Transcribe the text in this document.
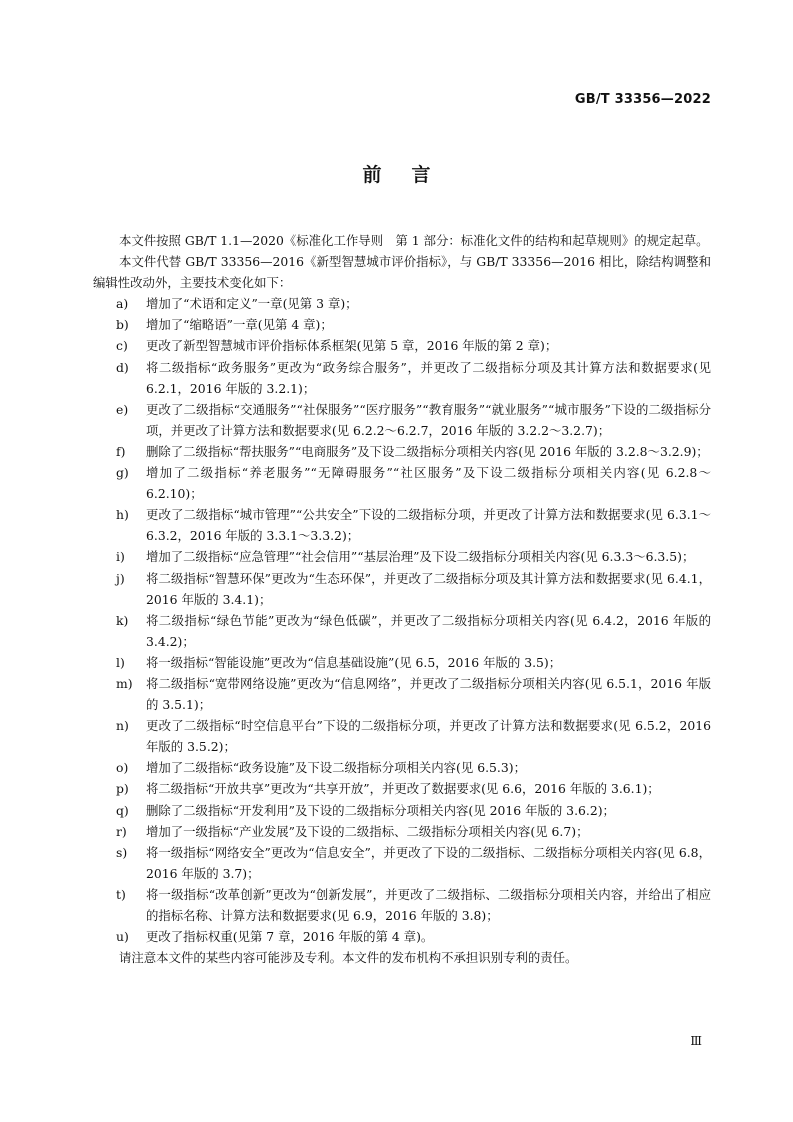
GB/T 33356—2022
前言

本文件按照 GB/T 1.1—2020《标准化工作导则　第 1 部分：标准化文件的结构和起草规则》的规定起草。

本文件代替 GB/T 33356—2016《新型智慧城市评价指标》，与 GB/T 33356—2016 相比，除结构调整和编辑性改动外，主要技术变化如下：

a)	增加了“术语和定义”一章(见第 3 章)；
b)	增加了“缩略语”一章(见第 4 章)；
c)	更改了新型智慧城市评价指标体系框架(见第 5 章，2016 年版的第 2 章)；
d)	将二级指标“政务服务”更改为“政务综合服务”，并更改了二级指标分项及其计算方法和数据要求(见 6.2.1，2016 年版的 3.2.1)；
e)	更改了二级指标“交通服务”“社保服务”“医疗服务”“教育服务”“就业服务”“城市服务”下设的二级指标分项，并更改了计算方法和数据要求(见 6.2.2～6.2.7，2016 年版的 3.2.2～3.2.7)；
f)	删除了二级指标“帮扶服务”“电商服务”及下设二级指标分项相关内容(见 2016 年版的 3.2.8～3.2.9)；
g)	增加了二级指标“养老服务”“无障碍服务”“社区服务”及下设二级指标分项相关内容(见 6.2.8～6.2.10)；
h)	更改了二级指标“城市管理”“公共安全”下设的二级指标分项，并更改了计算方法和数据要求(见 6.3.1～6.3.2，2016 年版的 3.3.1～3.3.2)；
i)	增加了二级指标“应急管理”“社会信用”“基层治理”及下设二级指标分项相关内容(见 6.3.3～6.3.5)；
j)	将二级指标“智慧环保”更改为“生态环保”，并更改了二级指标分项及其计算方法和数据要求(见 6.4.1，2016 年版的 3.4.1)；
k)	将二级指标“绿色节能”更改为“绿色低碳”，并更改了二级指标分项相关内容(见 6.4.2，2016 年版的 3.4.2)；
l)	将一级指标“智能设施”更改为“信息基础设施”(见 6.5，2016 年版的 3.5)；
m)	将二级指标“宽带网络设施”更改为“信息网络”，并更改了二级指标分项相关内容(见 6.5.1，2016 年版的 3.5.1)；
n)	更改了二级指标“时空信息平台”下设的二级指标分项，并更改了计算方法和数据要求(见 6.5.2，2016 年版的 3.5.2)；
o)	增加了二级指标“政务设施”及下设二级指标分项相关内容(见 6.5.3)；
p)	将二级指标“开放共享”更改为“共享开放”，并更改了数据要求(见 6.6，2016 年版的 3.6.1)；
q)	删除了二级指标“开发利用”及下设的二级指标分项相关内容(见 2016 年版的 3.6.2)；
r)	增加了一级指标“产业发展”及下设的二级指标、二级指标分项相关内容(见 6.7)；
s)	将一级指标“网络安全”更改为“信息安全”，并更改了下设的二级指标、二级指标分项相关内容(见 6.8，2016 年版的 3.7)；
t)	将一级指标“改革创新”更改为“创新发展”，并更改了二级指标、二级指标分项相关内容，并给出了相应的指标名称、计算方法和数据要求(见 6.9，2016 年版的 3.8)；
u)	更改了指标权重(见第 7 章，2016 年版的第 4 章)。

请注意本文件的某些内容可能涉及专利。本文件的发布机构不承担识别专利的责任。

Ⅲ
